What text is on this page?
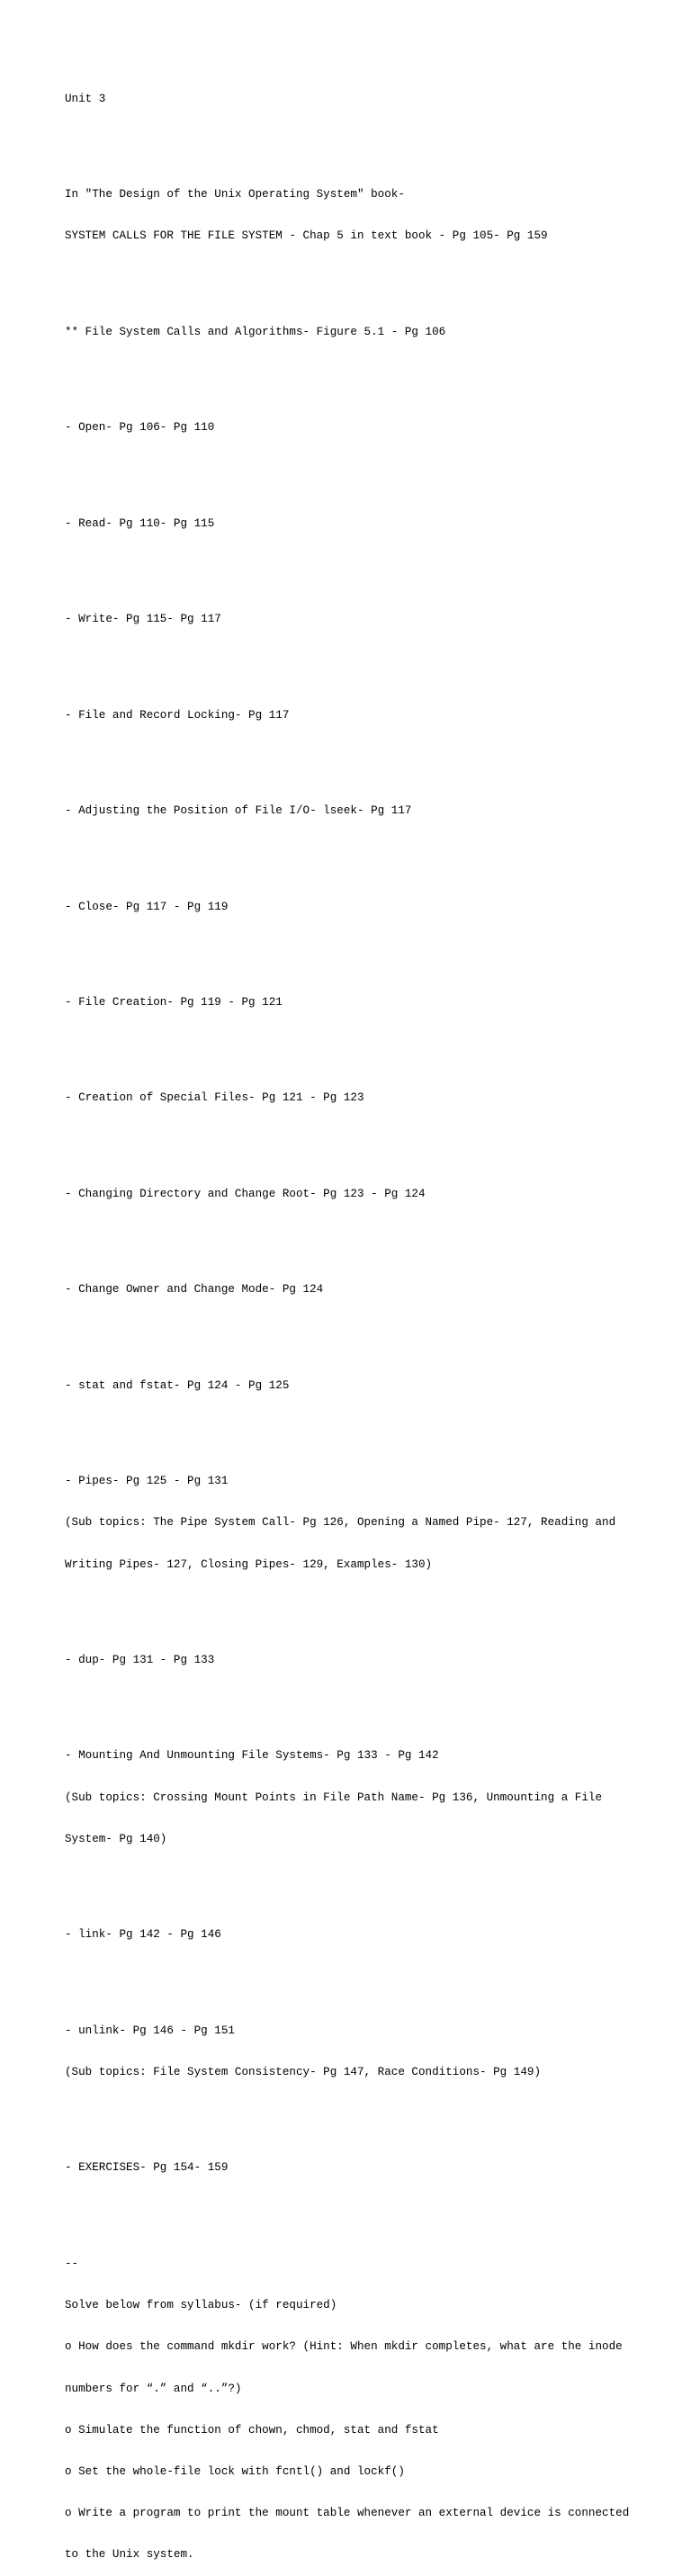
Unit 3

In "The Design of the Unix Operating System" book-

SYSTEM CALLS FOR THE FILE SYSTEM - Chap 5 in text book - Pg 105- Pg 159

** File System Calls and Algorithms- Figure 5.1 - Pg 106

- Open- Pg 106- Pg 110

- Read- Pg 110- Pg 115

- Write- Pg 115- Pg 117

- File and Record Locking- Pg 117

- Adjusting the Position of File I/O- lseek- Pg 117

- Close- Pg 117 - Pg 119

- File Creation- Pg 119 - Pg 121

- Creation of Special Files- Pg 121 - Pg 123

- Changing Directory and Change Root- Pg 123 - Pg 124

- Change Owner and Change Mode- Pg 124

- stat and fstat- Pg 124 - Pg 125

- Pipes- Pg 125 - Pg 131

(Sub topics: The Pipe System Call- Pg 126, Opening a Named Pipe- 127, Reading and

Writing Pipes- 127, Closing Pipes- 129, Examples- 130)

- dup- Pg 131 - Pg 133

- Mounting And Unmounting File Systems- Pg 133 - Pg 142

(Sub topics: Crossing Mount Points in File Path Name- Pg 136, Unmounting a File

System- Pg 140)

- link- Pg 142 - Pg 146

- unlink- Pg 146 - Pg 151

(Sub topics: File System Consistency- Pg 147, Race Conditions- Pg 149)

- EXERCISES- Pg 154- 159

--

Solve below from syllabus- (if required)

o How does the command mkdir work? (Hint: When mkdir completes, what are the inode

numbers for “.” and “..”?)

o Simulate the function of chown, chmod, stat and fstat

o Set the whole-file lock with fcntl() and lockf()

o Write a program to print the mount table whenever an external device is connected

to the Unix system.
